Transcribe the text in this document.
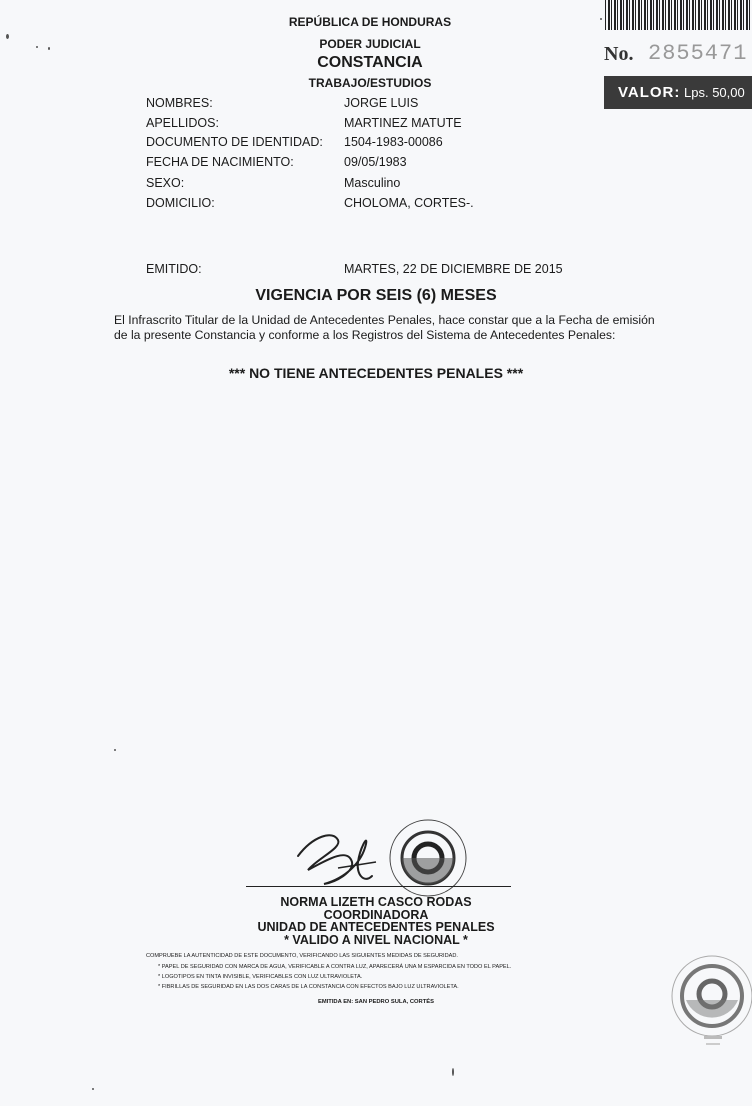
REPÚBLICA DE HONDURAS
PODER JUDICIAL
CONSTANCIA
TRABAJO/ESTUDIOS
No. 2855471
VALOR: Lps. 50,00
NOMBRES:	JORGE LUIS
APELLIDOS:	MARTINEZ MATUTE
DOCUMENTO DE IDENTIDAD: 1504-1983-00086
FECHA DE NACIMIENTO:	09/05/1983
SEXO:	Masculino
DOMICILIO:	CHOLOMA, CORTES-.
EMITIDO:	MARTES, 22 DE DICIEMBRE DE 2015
VIGENCIA POR SEIS (6) MESES
El Infrascrito Titular de la Unidad de Antecedentes Penales, hace constar que a la Fecha de emisión de la presente Constancia y conforme a los Registros del Sistema de Antecedentes Penales:
*** NO TIENE ANTECEDENTES PENALES ***
NORMA LIZETH CASCO RODAS
COORDINADORA
UNIDAD DE ANTECEDENTES PENALES
* VALIDO A NIVEL NACIONAL *
COMPRUEBE LA AUTENTICIDAD DE ESTE DOCUMENTO, VERIFICANDO LAS SIGUIENTES MEDIDAS DE SEGURIDAD.
* PAPEL DE SEGURIDAD CON MARCA DE AGUA, VERIFICABLE A CONTRA LUZ, APARECERÁ UNA M ESPARCIDA EN TODO EL PAPEL.
* LOGOTIPOS EN TINTA INVISIBLE, VERIFICABLES CON LUZ ULTRAVIOLETA.
* FIBRILLAS DE SEGURIDAD EN LAS DOS CARAS DE LA CONSTANCIA CON EFECTOS BAJO LUZ ULTRAVIOLETA.
EMITIDA EN: SAN PEDRO SULA, CORTÉS
